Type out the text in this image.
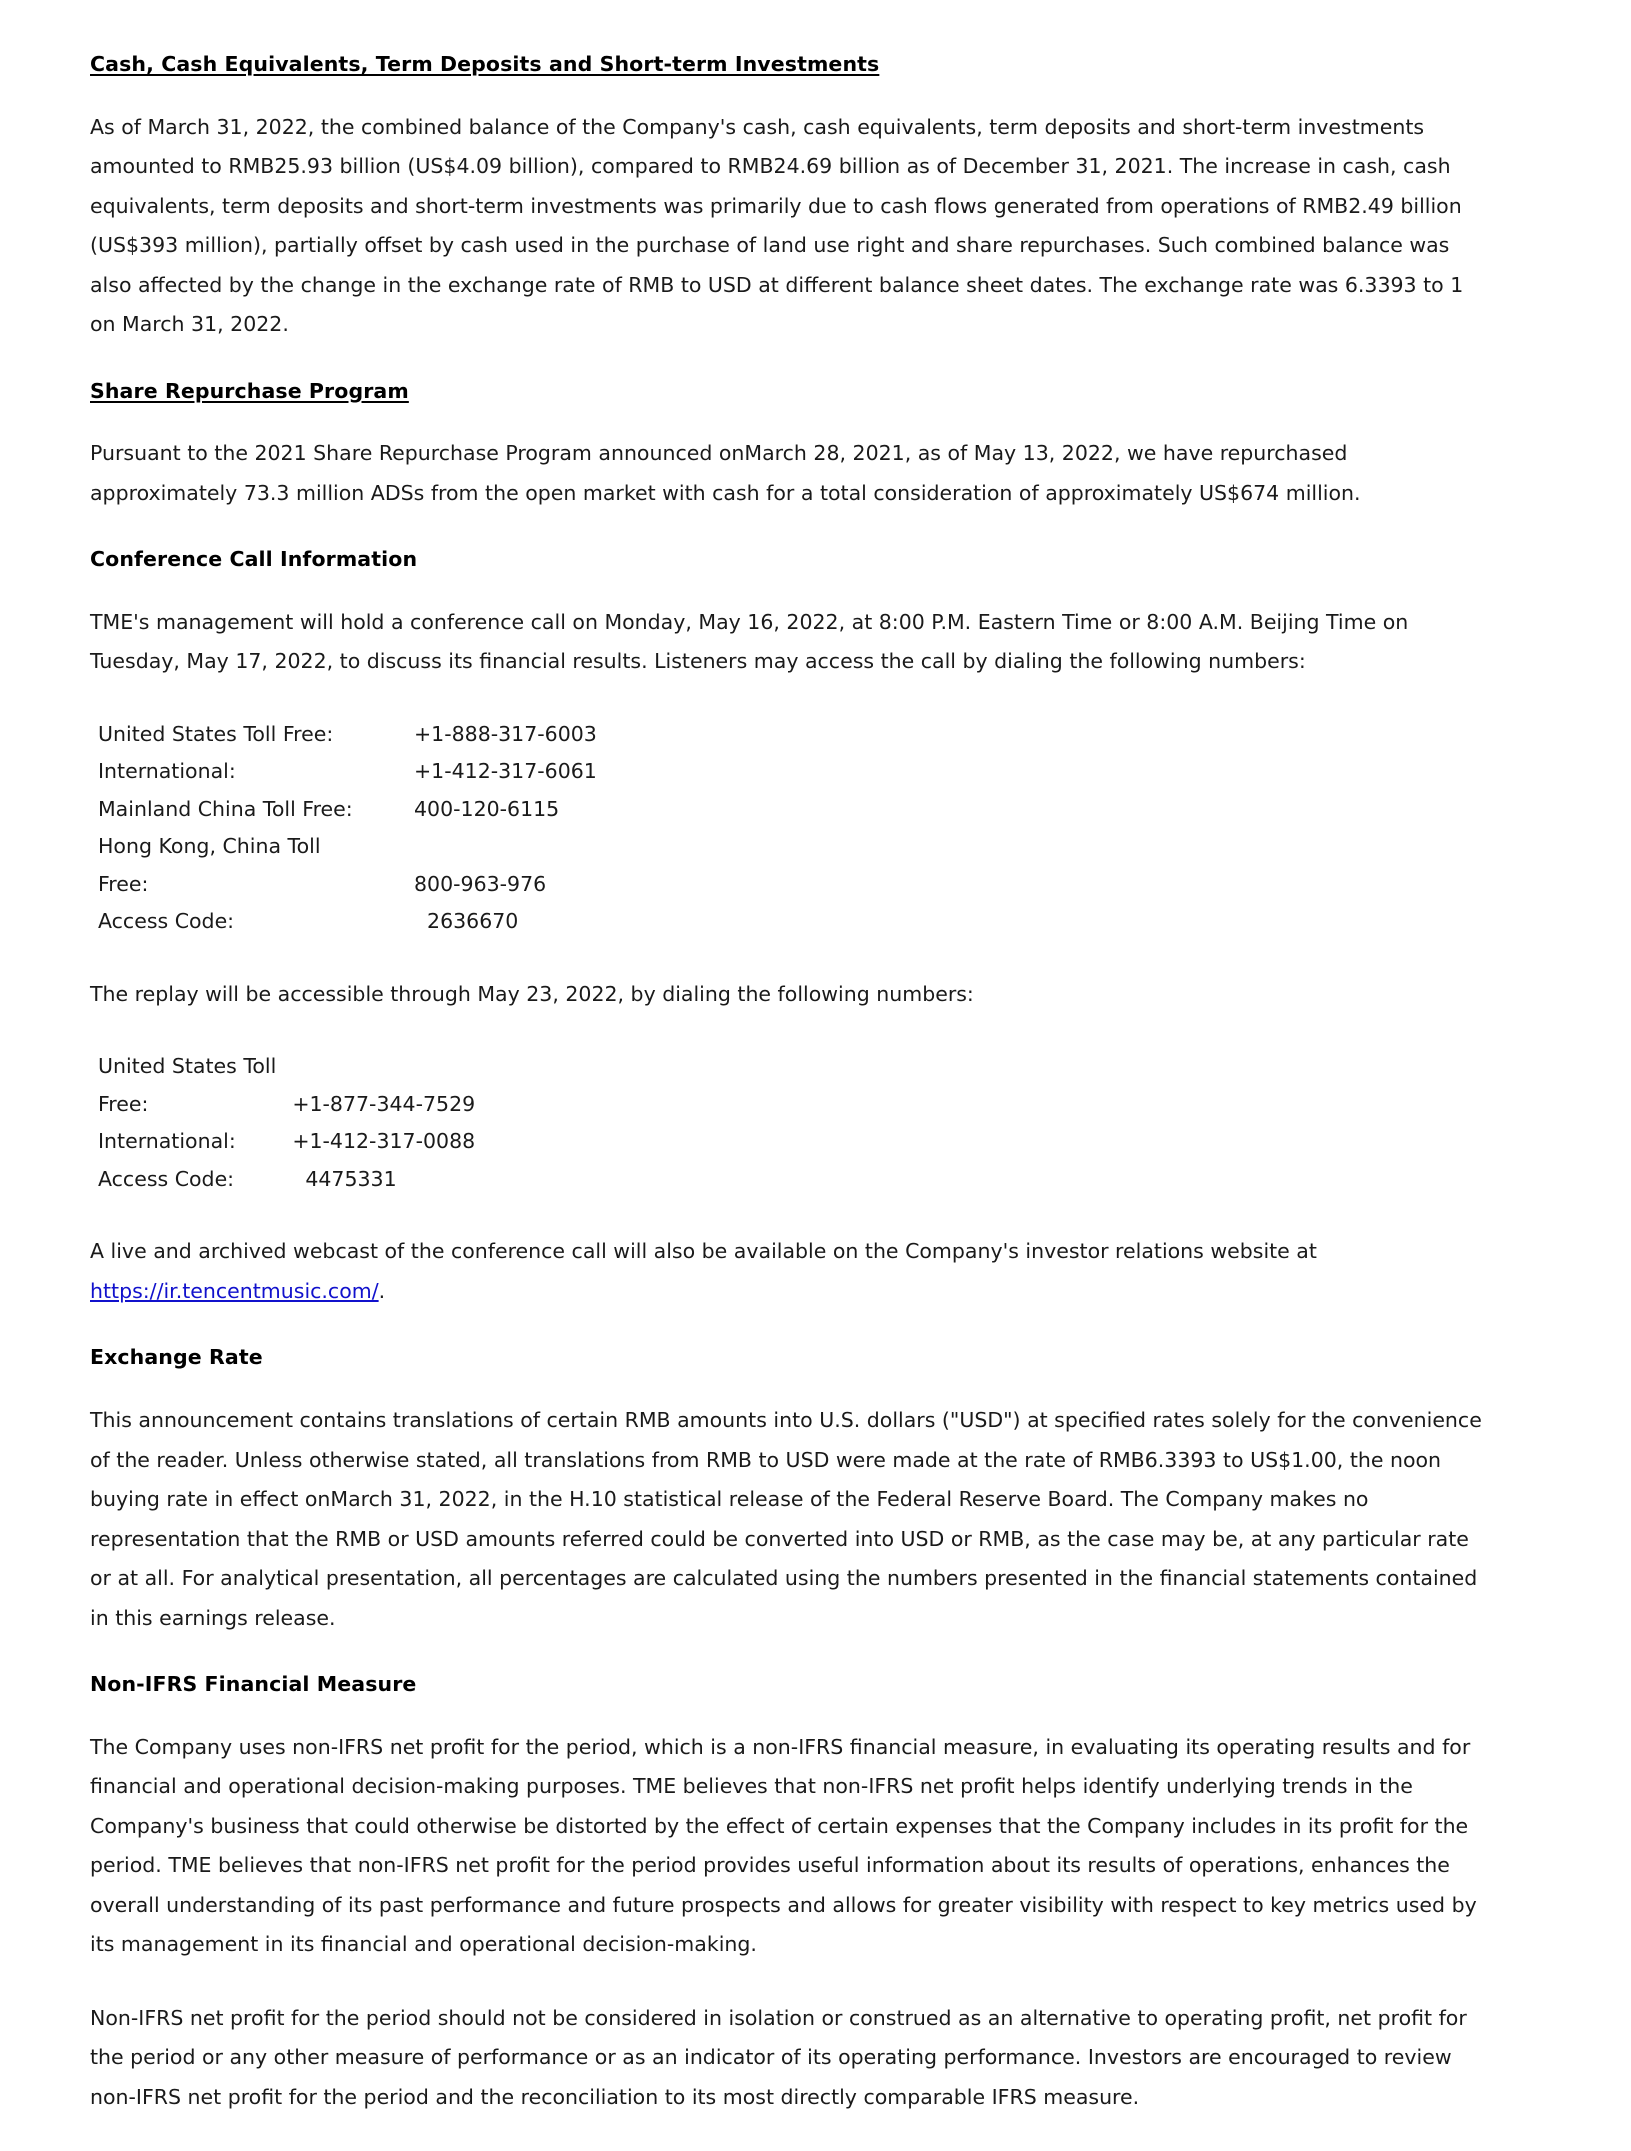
Cash, Cash Equivalents, Term Deposits and Short-term Investments

As of March 31, 2022, the combined balance of the Company's cash, cash equivalents, term deposits and short-term investments amounted to RMB25.93 billion (US$4.09 billion), compared to RMB24.69 billion as of December 31, 2021. The increase in cash, cash equivalents, term deposits and short-term investments was primarily due to cash flows generated from operations of RMB2.49 billion (US$393 million), partially offset by cash used in the purchase of land use right and share repurchases. Such combined balance was also affected by the change in the exchange rate of RMB to USD at different balance sheet dates. The exchange rate was 6.3393 to 1 on March 31, 2022.

Share Repurchase Program

Pursuant to the 2021 Share Repurchase Program announced onMarch 28, 2021, as of May 13, 2022, we have repurchased approximately 73.3 million ADSs from the open market with cash for a total consideration of approximately US$674 million.

Conference Call Information

TME's management will hold a conference call on Monday, May 16, 2022, at 8:00 P.M. Eastern Time or 8:00 A.M. Beijing Time on Tuesday, May 17, 2022, to discuss its financial results. Listeners may access the call by dialing the following numbers:

United States Toll Free:	+1-888-317-6003
International:	+1-412-317-6061
Mainland China Toll Free:	400-120-6115
Hong Kong, China Toll	
Free:	800-963-976
Access Code:	2636670

The replay will be accessible through May 23, 2022, by dialing the following numbers:

United States Toll	
Free:	+1-877-344-7529
International:	+1-412-317-0088
Access Code:	4475331

A live and archived webcast of the conference call will also be available on the Company's investor relations website at https://ir.tencentmusic.com/.

Exchange Rate

This announcement contains translations of certain RMB amounts into U.S. dollars ("USD") at specified rates solely for the convenience of the reader. Unless otherwise stated, all translations from RMB to USD were made at the rate of RMB6.3393 to US$1.00, the noon buying rate in effect onMarch 31, 2022, in the H.10 statistical release of the Federal Reserve Board. The Company makes no representation that the RMB or USD amounts referred could be converted into USD or RMB, as the case may be, at any particular rate or at all. For analytical presentation, all percentages are calculated using the numbers presented in the financial statements contained in this earnings release.

Non-IFRS Financial Measure

The Company uses non-IFRS net profit for the period, which is a non-IFRS financial measure, in evaluating its operating results and for financial and operational decision-making purposes. TME believes that non-IFRS net profit helps identify underlying trends in the Company's business that could otherwise be distorted by the effect of certain expenses that the Company includes in its profit for the period. TME believes that non-IFRS net profit for the period provides useful information about its results of operations, enhances the overall understanding of its past performance and future prospects and allows for greater visibility with respect to key metrics used by its management in its financial and operational decision-making.

Non-IFRS net profit for the period should not be considered in isolation or construed as an alternative to operating profit, net profit for the period or any other measure of performance or as an indicator of its operating performance. Investors are encouraged to review non-IFRS net profit for the period and the reconciliation to its most directly comparable IFRS measure.
